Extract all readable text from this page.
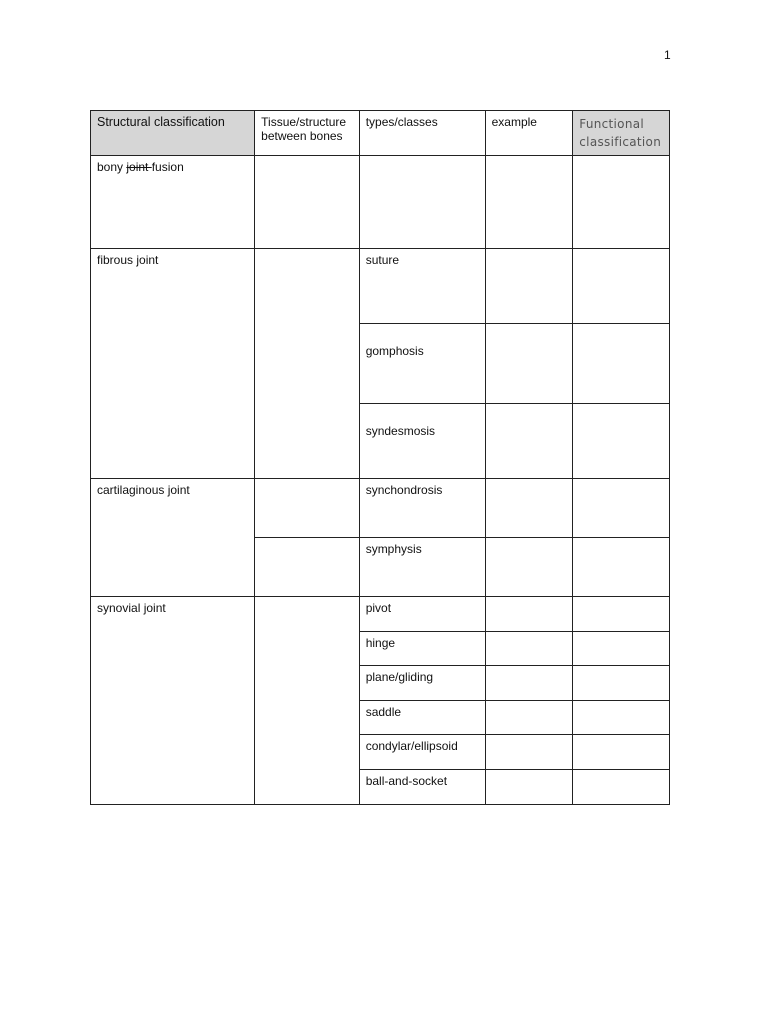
1
Structural classification	Tissue/structure between bones	types/classes	example	Functional classification
bony joint fusion				
fibrous joint		suture		
		gomphosis		
		syndesmosis		
cartilaginous joint		synchondrosis		
		symphysis		
synovial joint		pivot		
		hinge		
		plane/gliding		
		saddle		
		condylar/ellipsoid		
		ball-and-socket		
